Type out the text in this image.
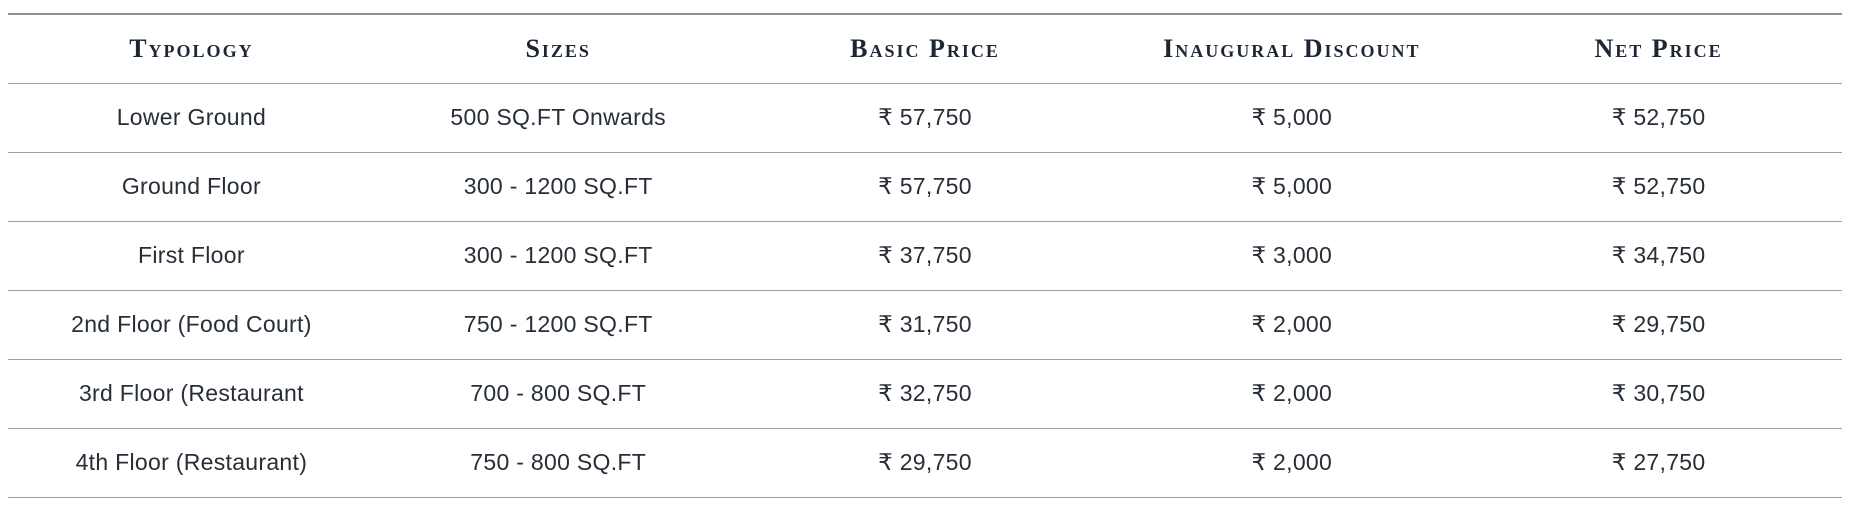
Typology	Sizes	Basic Price	Inaugural Discount	Net Price
Lower Ground	500 SQ.FT Onwards	₹ 57,750	₹ 5,000	₹ 52,750
Ground Floor	300 - 1200 SQ.FT	₹ 57,750	₹ 5,000	₹ 52,750
First Floor	300 - 1200 SQ.FT	₹ 37,750	₹ 3,000	₹ 34,750
2nd Floor (Food Court)	750 - 1200 SQ.FT	₹ 31,750	₹ 2,000	₹ 29,750
3rd Floor (Restaurant	700 - 800 SQ.FT	₹ 32,750	₹ 2,000	₹ 30,750
4th Floor (Restaurant)	750 - 800 SQ.FT	₹ 29,750	₹ 2,000	₹ 27,750
